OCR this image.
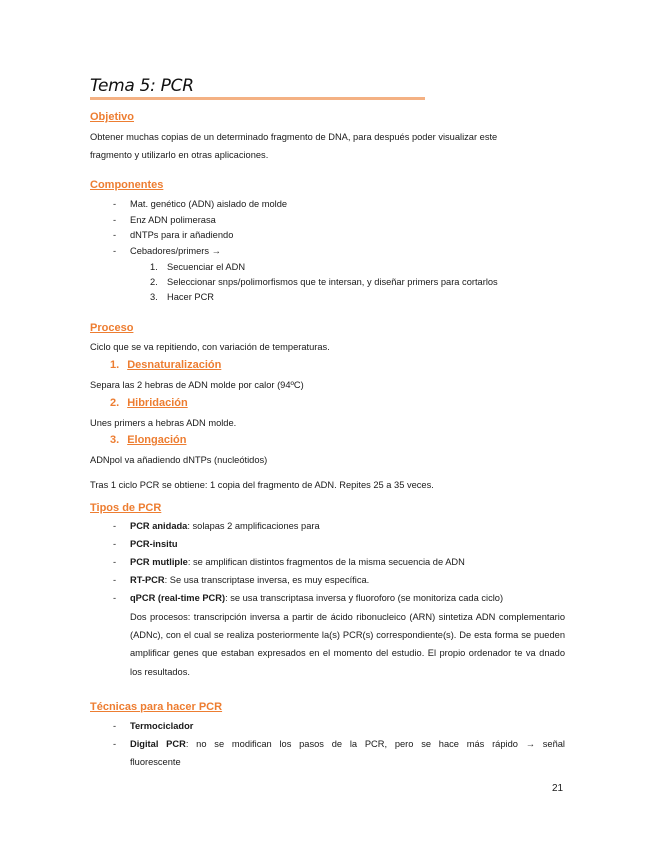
Tema 5: PCR
Objetivo
Obtener muchas copias de un determinado fragmento de DNA, para después poder visualizar este
fragmento y utilizarlo en otras aplicaciones.
Componentes
- Mat. genético (ADN) aislado de molde
- Enz ADN polimerasa
- dNTPs para ir añadiendo
- Cebadores/primers →
1. Secuenciar el ADN
2. Seleccionar snps/polimorfismos que te intersan, y diseñar primers para cortarlos
3. Hacer PCR
Proceso
Ciclo que se va repitiendo, con variación de temperaturas.
1. Desnaturalización
Separa las 2 hebras de ADN molde por calor (94ºC)
2. Hibridación
Unes primers a hebras ADN molde.
3. Elongación
ADNpol va añadiendo dNTPs (nucleótidos)
Tras 1 ciclo PCR se obtiene: 1 copia del fragmento de ADN. Repites 25 a 35 veces.
Tipos de PCR
- PCR anidada: solapas 2 amplificaciones para
- PCR-insitu
- PCR mutliple: se amplifican distintos fragmentos de la misma secuencia de ADN
- RT-PCR: Se usa transcriptase inversa, es muy específica.
- qPCR (real-time PCR): se usa transcriptasa inversa y fluoroforo (se monitoriza cada ciclo)
Dos procesos: transcripción inversa a partir de ácido ribonucleico (ARN) sintetiza ADN complementario (ADNc), con el cual se realiza posteriormente la(s) PCR(s) correspondiente(s). De esta forma se pueden amplificar genes que estaban expresados en el momento del estudio. El propio ordenador te va dnado los resultados.
Técnicas para hacer PCR
- Termociclador
- Digital PCR: no se modifican los pasos de la PCR, pero se hace más rápido → señal
fluorescente
21
